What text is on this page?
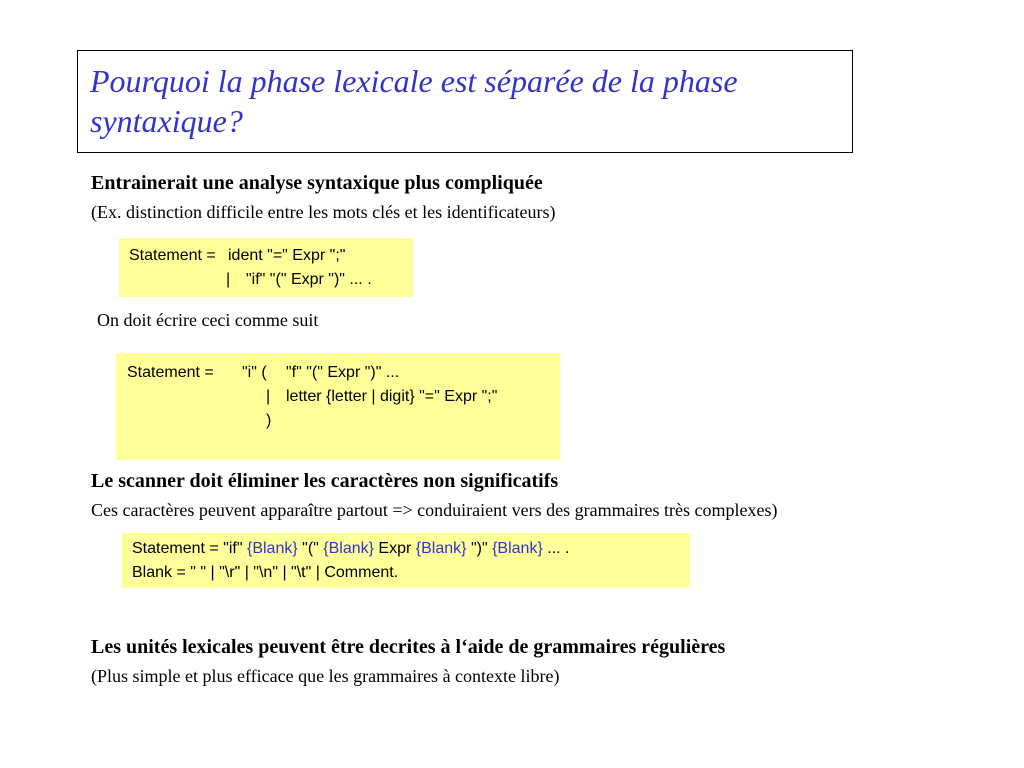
Pourquoi la phase lexicale est séparée de la phase syntaxique?
Entrainerait une analyse syntaxique plus compliquée
(Ex. distinction difficile entre les mots clés et les identificateurs)
Statement = ident "=" Expr ";"
| "if" "(" Expr ")" ... .
On doit écrire ceci comme suit
Statement = "i" ( "f" "(" Expr ")" ...
| letter {letter | digit} "=" Expr ";"
)
Le scanner doit éliminer les caractères non significatifs
Ces caractères peuvent apparaître partout => conduiraient vers des grammaires très complexes)
Statement = "if" {Blank} "(" {Blank} Expr {Blank} ")" {Blank} ... .
Blank = " " | "\r" | "\n" | "\t" | Comment.
Les unités lexicales peuvent être decrites à l‘aide de grammaires régulières
(Plus simple et plus efficace que les grammaires à contexte libre)
